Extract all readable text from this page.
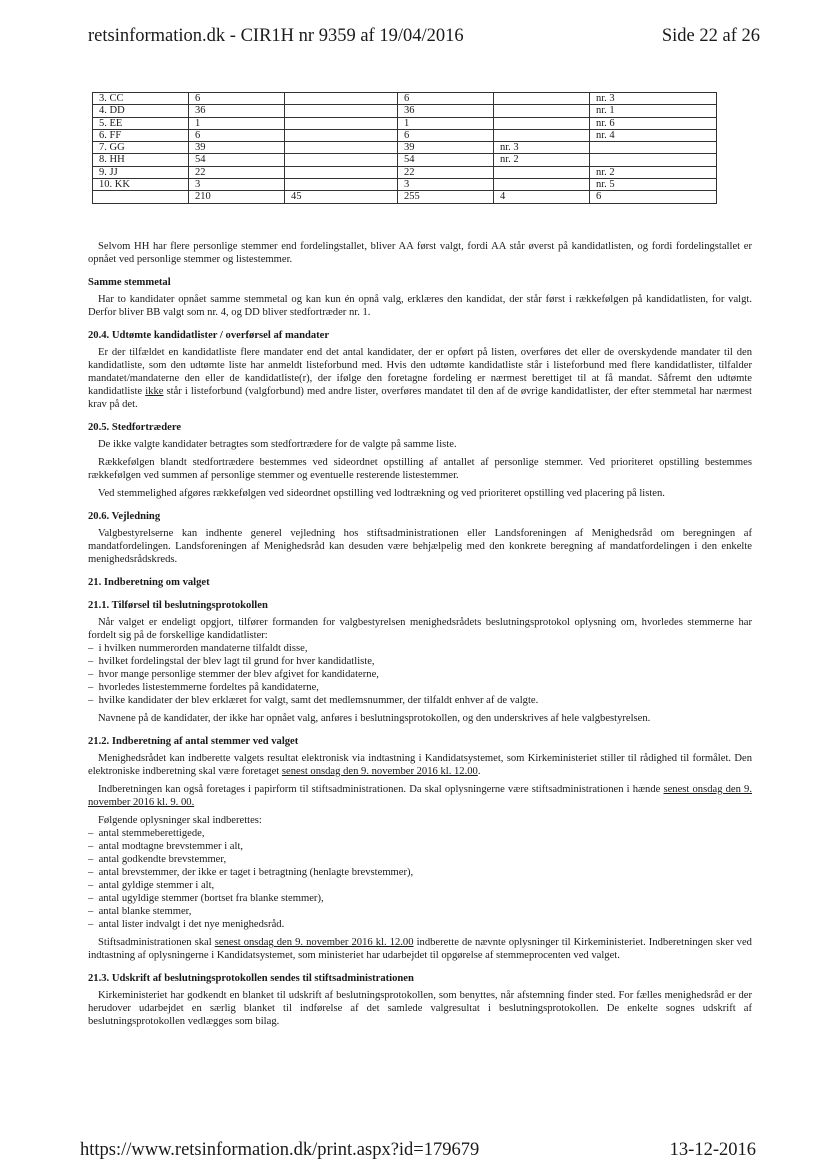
retsinformation.dk - CIR1H nr 9359 af 19/04/2016	Side 22 af 26
3. CC	6		6		nr. 3
4. DD	36		36		nr. 1
5. EE	1		1		nr. 6
6. FF	6		6		nr. 4
7. GG	39		39	nr. 3	
8. HH	54		54	nr. 2	
9. JJ	22		22		nr. 2
10. KK	3		3		nr. 5
	210	45	255	4	6

Selvom HH har flere personlige stemmer end fordelingstallet, bliver AA først valgt, fordi AA står øverst på kandidatlisten, og fordi fordelingstallet er opnået ved personlige stemmer og listestemmer.

Samme stemmetal

Har to kandidater opnået samme stemmetal og kan kun én opnå valg, erklæres den kandidat, der står først i rækkefølgen på kandidatlisten, for valgt. Derfor bliver BB valgt som nr. 4, og DD bliver stedfortræder nr. 1.

20.4. Udtømte kandidatlister / overførsel af mandater

Er der tilfældet en kandidatliste flere mandater end det antal kandidater, der er opført på listen, overføres det eller de overskydende mandater til den kandidatliste, som den udtømte liste har anmeldt listeforbund med. Hvis den udtømte kandidatliste står i listeforbund med flere kandidatlister, tilfalder mandatet/mandaterne den eller de kandidatliste(r), der ifølge den foretagne fordeling er nærmest berettiget til at få mandat. Såfremt den udtømte kandidatliste ikke står i listeforbund (valgforbund) med andre lister, overføres mandatet til den af de øvrige kandidatlister, der efter stemmetal har nærmest krav på det.

20.5. Stedfortrædere

De ikke valgte kandidater betragtes som stedfortrædere for de valgte på samme liste.

Rækkefølgen blandt stedfortrædere bestemmes ved sideordnet opstilling af antallet af personlige stemmer. Ved prioriteret opstilling bestemmes rækkefølgen ved summen af personlige stemmer og eventuelle resterende listestemmer.

Ved stemmelighed afgøres rækkefølgen ved sideordnet opstilling ved lodtrækning og ved prioriteret opstilling ved placering på listen.

20.6. Vejledning

Valgbestyrelserne kan indhente generel vejledning hos stiftsadministrationen eller Landsforeningen af Menighedsråd om beregningen af mandatfordelingen. Landsforeningen af Menighedsråd kan desuden være behjælpelig med den konkrete beregning af mandatfordelingen i den enkelte menighedsrådskreds.

21. Indberetning om valget
21.1. Tilførsel til beslutningsprotokollen

Når valget er endeligt opgjort, tilfører formanden for valgbestyrelsen menighedsrådets beslutningsprotokol oplysning om, hvorledes stemmerne har fordelt sig på de forskellige kandidatlister:

–  i hvilken nummerorden mandaterne tilfaldt disse,
–  hvilket fordelingstal der blev lagt til grund for hver kandidatliste,
–  hvor mange personlige stemmer der blev afgivet for kandidaterne,
–  hvorledes listestemmerne fordeltes på kandidaterne,
–  hvilke kandidater der blev erklæret for valgt, samt det medlemsnummer, der tilfaldt enhver af de valgte.

Navnene på de kandidater, der ikke har opnået valg, anføres i beslutningsprotokollen, og den underskrives af hele valgbestyrelsen.

21.2. Indberetning af antal stemmer ved valget

Menighedsrådet kan indberette valgets resultat elektronisk via indtastning i Kandidatsystemet, som Kirkeministeriet stiller til rådighed til formålet. Den elektroniske indberetning skal være foretaget senest onsdag den 9. november 2016 kl. 12.00.

Indberetningen kan også foretages i papirform til stiftsadministrationen. Da skal oplysningerne være stiftsadministrationen i hænde senest onsdag den 9. november 2016 kl. 9. 00.

Følgende oplysninger skal indberettes:

–  antal stemmeberettigede,
–  antal modtagne brevstemmer i alt,
–  antal godkendte brevstemmer,
–  antal brevstemmer, der ikke er taget i betragtning (henlagte brevstemmer),
–  antal gyldige stemmer i alt,
–  antal ugyldige stemmer (bortset fra blanke stemmer),
–  antal blanke stemmer,
–  antal lister indvalgt i det nye menighedsråd.

Stiftsadministrationen skal senest onsdag den 9. november 2016 kl. 12.00 indberette de nævnte oplysninger til Kirkeministeriet. Indberetningen sker ved indtastning af oplysningerne i Kandidatsystemet, som ministeriet har udarbejdet til opgørelse af stemmeprocenten ved valget.

21.3. Udskrift af beslutningsprotokollen sendes til stiftsadministrationen

Kirkeministeriet har godkendt en blanket til udskrift af beslutningsprotokollen, som benyttes, når afstemning finder sted. For fælles menighedsråd er der herudover udarbejdet en særlig blanket til indførelse af det samlede valgresultat i beslutningsprotokollen. De enkelte sognes udskrift af beslutningsprotokollen vedlægges som bilag.

https://www.retsinformation.dk/print.aspx?id=179679	13-12-2016
